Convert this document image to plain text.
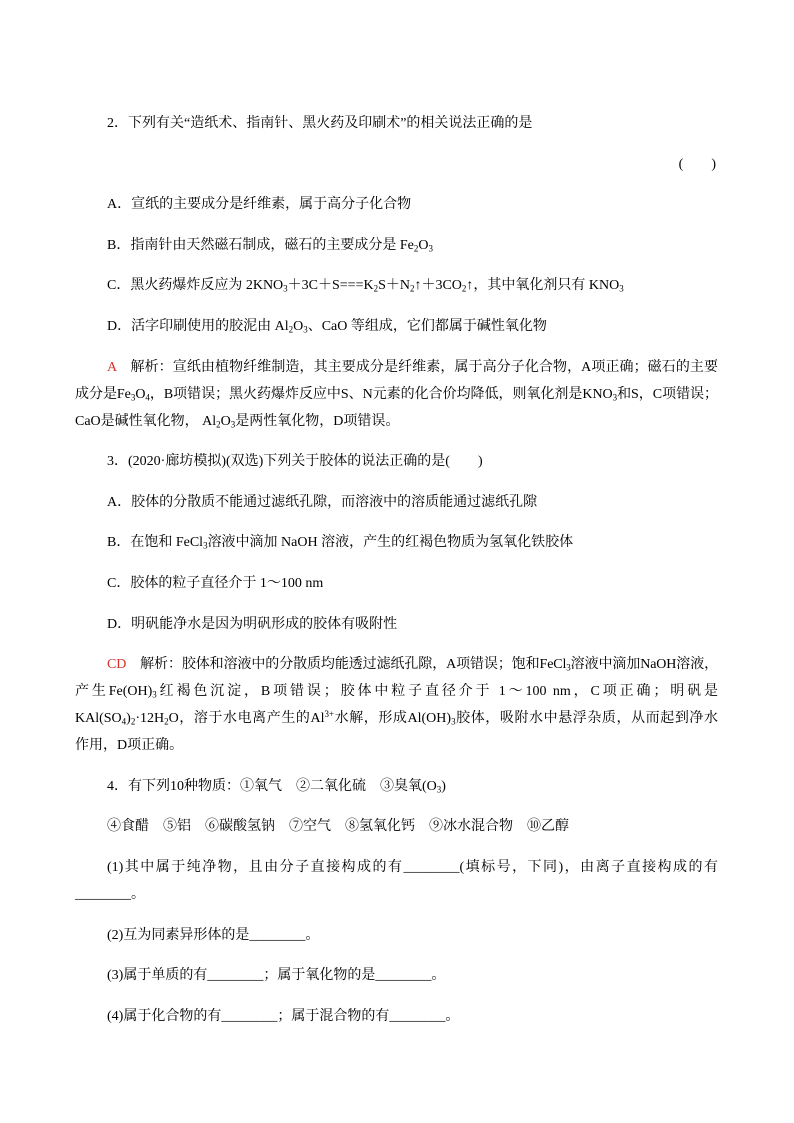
2．下列有关“造纸术、指南针、黑火药及印刷术”的相关说法正确的是
(　　)
A．宣纸的主要成分是纤维素，属于高分子化合物
B．指南针由天然磁石制成，磁石的主要成分是 $Fe_2O_3$
C．黑火药爆炸反应为 $2KNO_3+3C+S===K_2S+N_2↑+3CO_2↑$，其中氧化剂只有 $KNO_3$
D．活字印刷使用的胶泥由 $Al_2O_3$、CaO 等组成，它们都属于碱性氧化物
A　解析：宣纸由植物纤维制造，其主要成分是纤维素，属于高分子化合物，A项正确；磁石的主要
成分是$Fe_3O_4$，B项错误；黑火药爆炸反应中S、N元素的化合价均降低，则氧化剂是$KNO_3$和S，C项错误；
CaO是碱性氧化物， $Al_2O_3$是两性氧化物，D项错误。
3．(2020·廊坊模拟)(双选)下列关于胶体的说法正确的是(　　)
A．胶体的分散质不能通过滤纸孔隙，而溶液中的溶质能通过滤纸孔隙
B．在饱和 FeCl$_3$溶液中滴加 NaOH 溶液，产生的红褐色物质为氢氧化铁胶体
C．胶体的粒子直径介于 1～100 nm
D．明矾能净水是因为明矾形成的胶体有吸附性
CD　解析：胶体和溶液中的分散质均能透过滤纸孔隙，A项错误；饱和FeCl$_3$溶液中滴加NaOH溶液，
产生$Fe(OH)_3$红褐色沉淀，B项错误；胶体中粒子直径介于 1～100 nm，C项正确；明矾是
$KAl(SO_4)_2\cdot 12H_2O$，溶于水电离产生的$Al^{3+}$水解，形成$Al(OH)_3$胶体，吸附水中悬浮杂质，从而起到净水
作用，D项正确。
4．有下列10种物质：①氧气　②二氧化硫　③臭氧$(O_3)$
④食醋　⑤铝　⑥碳酸氢钠　⑦空气　⑧氢氧化钙　⑨冰水混合物　⑩乙醇
(1)其中属于纯净物，且由分子直接构成的有________(填标号，下同)，由离子直接构成的有
________。
(2)互为同素异形体的是________。
(3)属于单质的有________；属于氧化物的是________。
(4)属于化合物的有________；属于混合物的有________。
